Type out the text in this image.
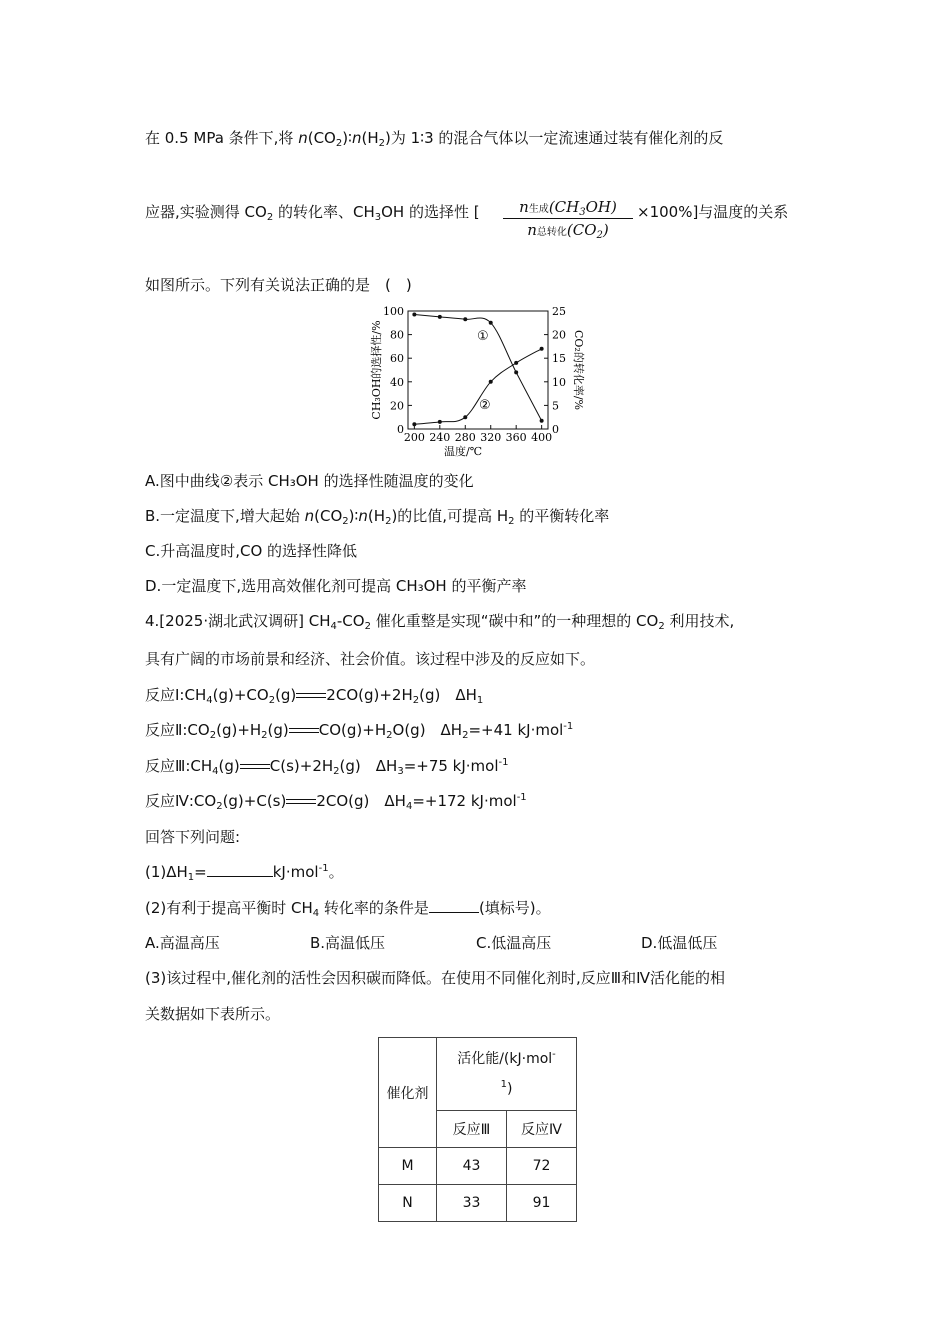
在 0.5 MPa 条件下,将 $n(CO_2)∶n(H_2)$为 1∶3 的混合气体以一定流速通过装有催化剂的反
应器,实验测得 $CO_2$ 的转化率、$CH_3OH$ 的选择性 [	n生成$(CH_3OH)$
n总转化$(CO_2)$
×100%]与温度的关系
如图所示。下列有关说法正确的是　(　)
0
20
40
60
80
100
0
5
10
15
20
25
200 240 280 320 360 400
①
②
温度/℃
CH₃OH的选择性/%	CO₂的转化率/%
A.图中曲线②表示 CH₃OH 的选择性随温度的变化
B.一定温度下,增大起始 $n(CO_2)∶n(H_2)$的比值,可提高 $H_2$ 的平衡转化率
C.升高温度时,CO 的选择性降低
D.一定温度下,选用高效催化剂可提高 CH₃OH 的平衡产率
4.[2025·湖北武汉调研] $CH_4-CO_2$ 催化重整是实现“碳中和”的一种理想的 $CO_2$ 利用技术,
具有广阔的市场前景和经济、社会价值。该过程中涉及的反应如下。
反应$Ⅰ:CH_4(g)+CO_2(g)$ $2CO(g)+2H_2(g)$　$\Delta H_1$
反应$Ⅱ:CO_2(g)+H_2(g)$ $CO(g)+H_2O(g)$　$\Delta H_2=+41$ kJ·mol$^{-1}$
反应$Ⅲ:CH_4(g)$ $C(s)+2H_2(g)$　$\Delta H_3=+75$ kJ·mol$^{-1}$
反应$Ⅳ:CO_2(g)+C(s)$ 2CO(g)　$\Delta H_4=+172$ kJ·mol$^{-1}$
回答下列问题:
$(1)\Delta H_1=$	kJ·mol$^{-1}$。
(2)有利于提高平衡时 $CH_4$ 转化率的条件是	(填标号)。
A.高温高压	B.高温低压	C.低温高压	D.低温低压
(3)该过程中,催化剂的活性会因积碳而降低。在使用不同催化剂时,反应Ⅲ和Ⅳ活化能的相
关数据如下表所示。
催化剂	活化能/(kJ·mol-
$^1$)	
	反应Ⅲ	反应Ⅳ
M	43	72
N	33	91
